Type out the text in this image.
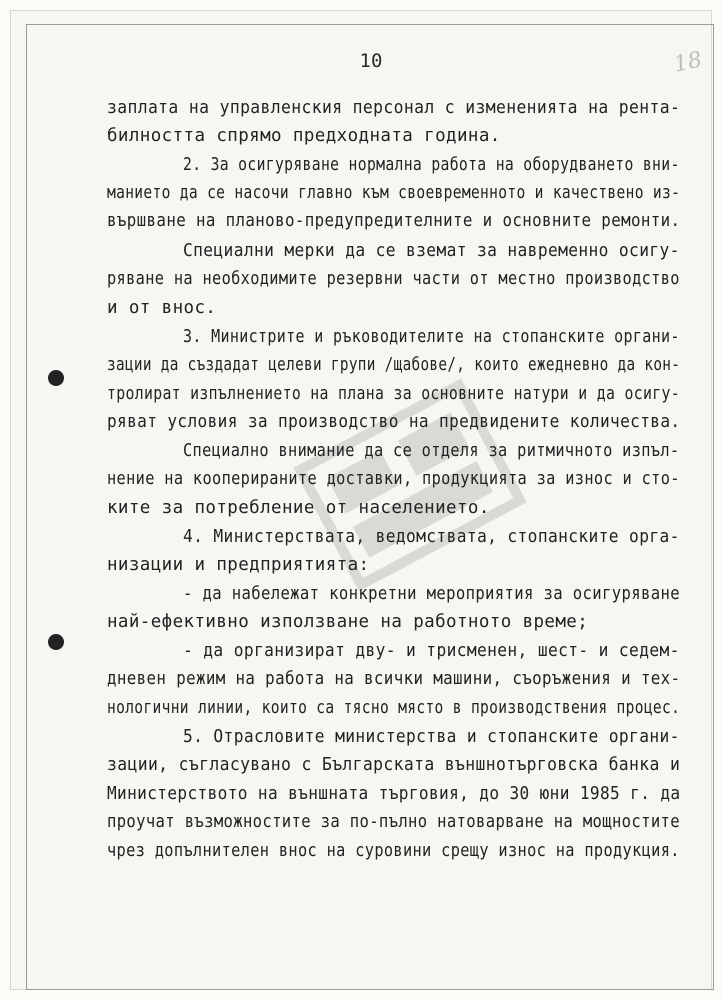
10	18
заплата на управленския персонал с измененията на рента-
билността спрямо предходната година.
2. За осигуряване нормална работа на оборудването вни-
манието да се насочи главно към своевременното и качествено из-
вършване на планово-предупредителните и основните ремонти.
Специални мерки да се вземат за навременно осигу-
ряване на необходимите резервни части от местно производство
и от внос.
3. Министрите и ръководителите на стопанските органи-
зации да създадат целеви групи /щабове/, които ежедневно да кон-
тролират изпълнението на плана за основните натури и да осигу-
ряват условия за производство на предвидените количества.
Специално внимание да се отделя за ритмичното изпъл-
нение на кооперираните доставки, продукцията за износ и сто-
ките за потребление от населението.
4. Министерствата, ведомствата, стопанските орга-
низации и предприятията:
- да набележат конкретни мероприятия за осигуряване
най-ефективно използване на работното време;
- да организират дву- и трисменен, шест- и седем-
дневен режим на работа на всички машини, съоръжения и тех-
нологични линии, които са тясно място в производствения процес.
5. Отрасловите министерства и стопанските органи-
зации, съгласувано с Българската външнотърговска банка и
Министерството на външната търговия, до 30 юни 1985 г. да
проучат възможностите за по-пълно натоварване на мощностите
чрез допълнителен внос на суровини срещу износ на продукция.
